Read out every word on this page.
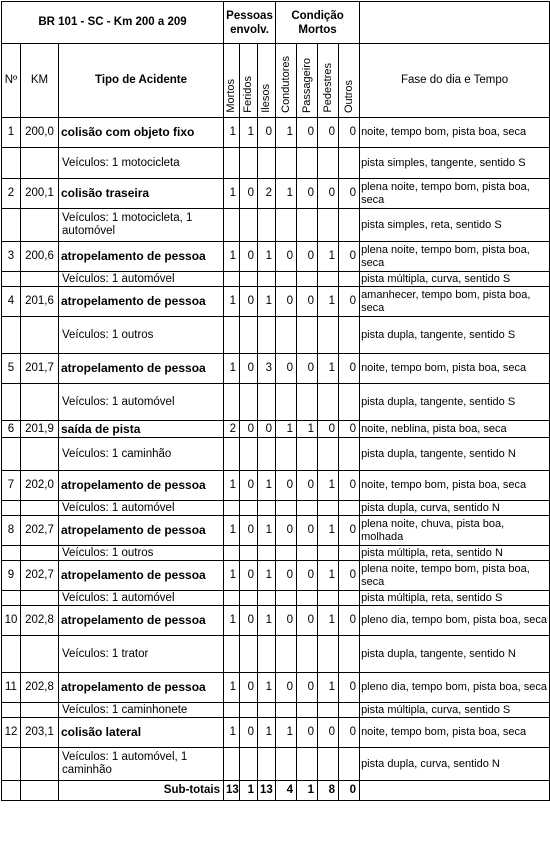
BR 101 - SC - Km 200 a 209			Pessoas envolv.			Condição Mortos				
Nº	KM	Tipo de Acidente	Mortos	Feridos	Ilesos	Condutores	Passageiro	Pedestres	Outros	Fase do dia e Tempo
1	200,0	colisão com objeto fixo	1	1	0	1	0	0	0	noite, tempo bom, pista boa, seca
		Veículos: 1 motocicleta								pista simples, tangente, sentido S
2	200,1	colisão traseira	1	0	2	1	0	0	0	plena noite, tempo bom, pista boa, seca
		Veículos: 1 motocicleta, 1 automóvel								pista simples, reta, sentido S
3	200,6	atropelamento de pessoa	1	0	1	0	0	1	0	plena noite, tempo bom, pista boa, seca
		Veículos: 1 automóvel								pista múltipla, curva, sentido S
4	201,6	atropelamento de pessoa	1	0	1	0	0	1	0	amanhecer, tempo bom, pista boa, seca
		Veículos: 1 outros								pista dupla, tangente, sentido S
5	201,7	atropelamento de pessoa	1	0	3	0	0	1	0	noite, tempo bom, pista boa, seca
		Veículos: 1 automóvel								pista dupla, tangente, sentido S
6	201,9	saída de pista	2	0	0	1	1	0	0	noite, neblina, pista boa, seca
		Veículos: 1 caminhão								pista dupla, tangente, sentido N
7	202,0	atropelamento de pessoa	1	0	1	0	0	1	0	noite, tempo bom, pista boa, seca
		Veículos: 1 automóvel								pista dupla, curva, sentido N
8	202,7	atropelamento de pessoa	1	0	1	0	0	1	0	plena noite, chuva, pista boa, molhada
		Veículos: 1 outros								pista múltipla, reta, sentido N
9	202,7	atropelamento de pessoa	1	0	1	0	0	1	0	plena noite, tempo bom, pista boa, seca
		Veículos: 1 automóvel								pista múltipla, reta, sentido S
10	202,8	atropelamento de pessoa	1	0	1	0	0	1	0	pleno dia, tempo bom, pista boa, seca
		Veículos: 1 trator								pista dupla, tangente, sentido N
11	202,8	atropelamento de pessoa	1	0	1	0	0	1	0	pleno dia, tempo bom, pista boa, seca
		Veículos: 1 caminhonete								pista múltipla, curva, sentido S
12	203,1	colisão lateral	1	0	1	1	0	0	0	noite, tempo bom, pista boa, seca
		Veículos: 1 automóvel, 1 caminhão								pista dupla, curva, sentido N
		Sub-totais	13	1	13	4	1	8	0	
